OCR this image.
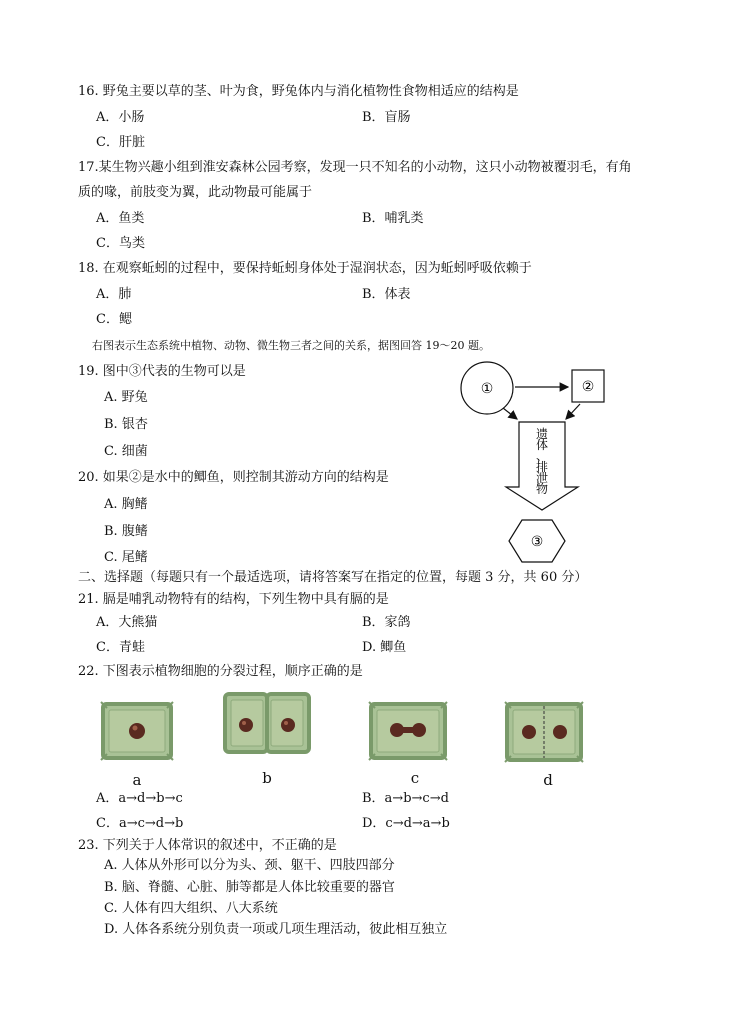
16. 野兔主要以草的茎、叶为食，野兔体内与消化植物性食物相适应的结构是
A．小肠	B．盲肠
C．肝脏
17.某生物兴趣小组到淮安森林公园考察，发现一只不知名的小动物，这只小动物被覆羽毛，有角
质的喙，前肢变为翼，此动物最可能属于
A．鱼类	B．哺乳类
C．鸟类
18. 在观察蚯蚓的过程中，要保持蚯蚓身体处于湿润状态，因为蚯蚓呼吸依赖于
A．肺	B．体表
C．鳃
右图表示生态系统中植物、动物、微生物三者之间的关系，据图回答 19～20 题。
19. 图中③代表的生物可以是
A. 野兔
B. 银杏
C. 细菌
20. 如果②是水中的鲫鱼，则控制其游动方向的结构是
A. 胸鳍
B. 腹鳍
C. 尾鳍
①	②
遗体、排泄物
③
二、选择题（每题只有一个最适选项，请将答案写在指定的位置，每题 3 分，共 60 分）
21. 膈是哺乳动物特有的结构，下列生物中具有膈的是
A．大熊猫	B．家鸽
C．青蛙	D. 鲫鱼
22. 下图表示植物细胞的分裂过程，顺序正确的是
a	b	c	d
A．a→d→b→c	B．a→b→c→d
C．a→c→d→b	D．c→d→a→b
23. 下列关于人体常识的叙述中，不正确的是
A. 人体从外形可以分为头、颈、躯干、四肢四部分
B. 脑、脊髓、心脏、肺等都是人体比较重要的器官
C. 人体有四大组织、八大系统
D. 人体各系统分别负责一项或几项生理活动，彼此相互独立
